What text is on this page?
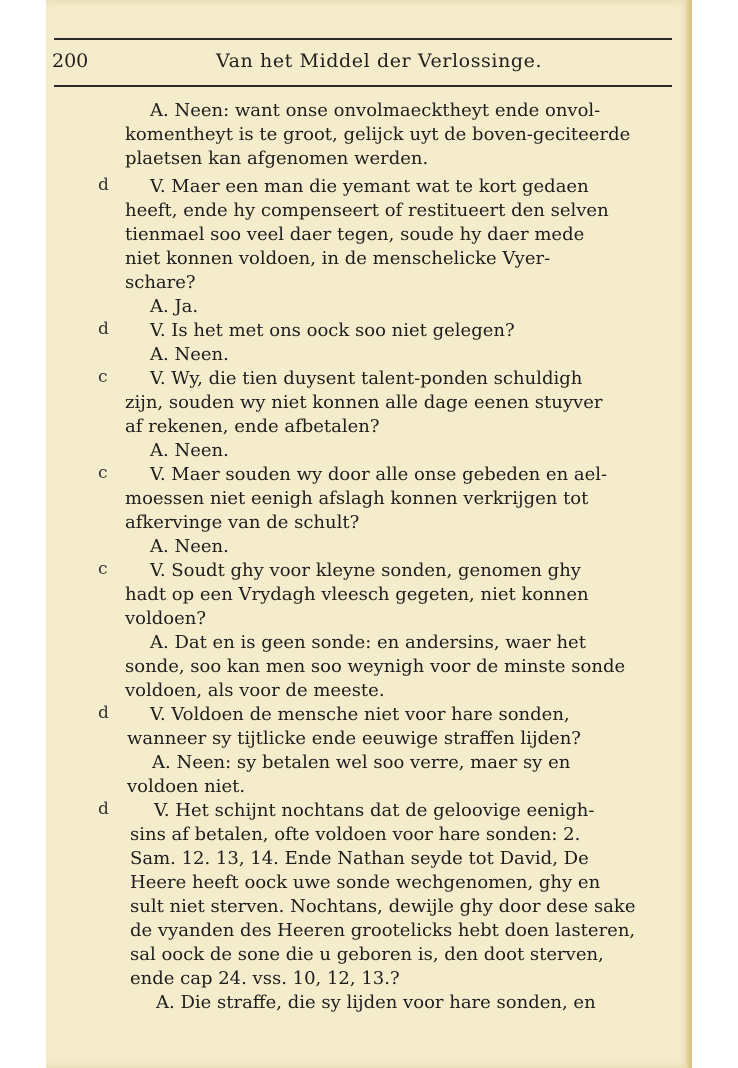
200	Van het Middel der Verlossinge.
A. Neen: want onse onvolmaecktheyt ende onvol-
komentheyt is te groot, gelijck uyt de boven-geciteerde
plaetsen kan afgenomen werden.
d V. Maer een man die yemant wat te kort gedaen
heeft, ende hy compenseert of restitueert den selven
tienmael soo veel daer tegen, soude hy daer mede
niet konnen voldoen, in de menschelicke Vyer-
schare?
A. Ja.
d V. Is het met ons oock soo niet gelegen?
A. Neen.
c V. Wy, die tien duysent talent-ponden schuldigh
zijn, souden wy niet konnen alle dage eenen stuyver
af rekenen, ende afbetalen?
A. Neen.
c V. Maer souden wy door alle onse gebeden en ael-
moessen niet eenigh afslagh konnen verkrijgen tot
afkervinge van de schult?
A. Neen.
c V. Soudt ghy voor kleyne sonden, genomen ghy
hadt op een Vrydagh vleesch gegeten, niet konnen
voldoen?
A. Dat en is geen sonde: en andersins, waer het
sonde, soo kan men soo weynigh voor de minste sonde
voldoen, als voor de meeste.
d V. Voldoen de mensche niet voor hare sonden,
wanneer sy tijtlicke ende eeuwige straffen lijden?
A. Neen: sy betalen wel soo verre, maer sy en
voldoen niet.
d	V. Het schijnt nochtans dat de geloovige eenigh-
sins af betalen, ofte voldoen voor hare sonden: 2.
Sam. 12. 13, 14. Ende Nathan seyde tot David, De
Heere heeft oock uwe sonde wechgenomen, ghy en
sult niet sterven. Nochtans, dewijle ghy door dese sake
de vyanden des Heeren grootelicks hebt doen lasteren,
sal oock de sone die u geboren is, den doot sterven,
ende cap 24. vss. 10, 12, 13.?
A. Die straffe, die sy lijden voor hare sonden, en
